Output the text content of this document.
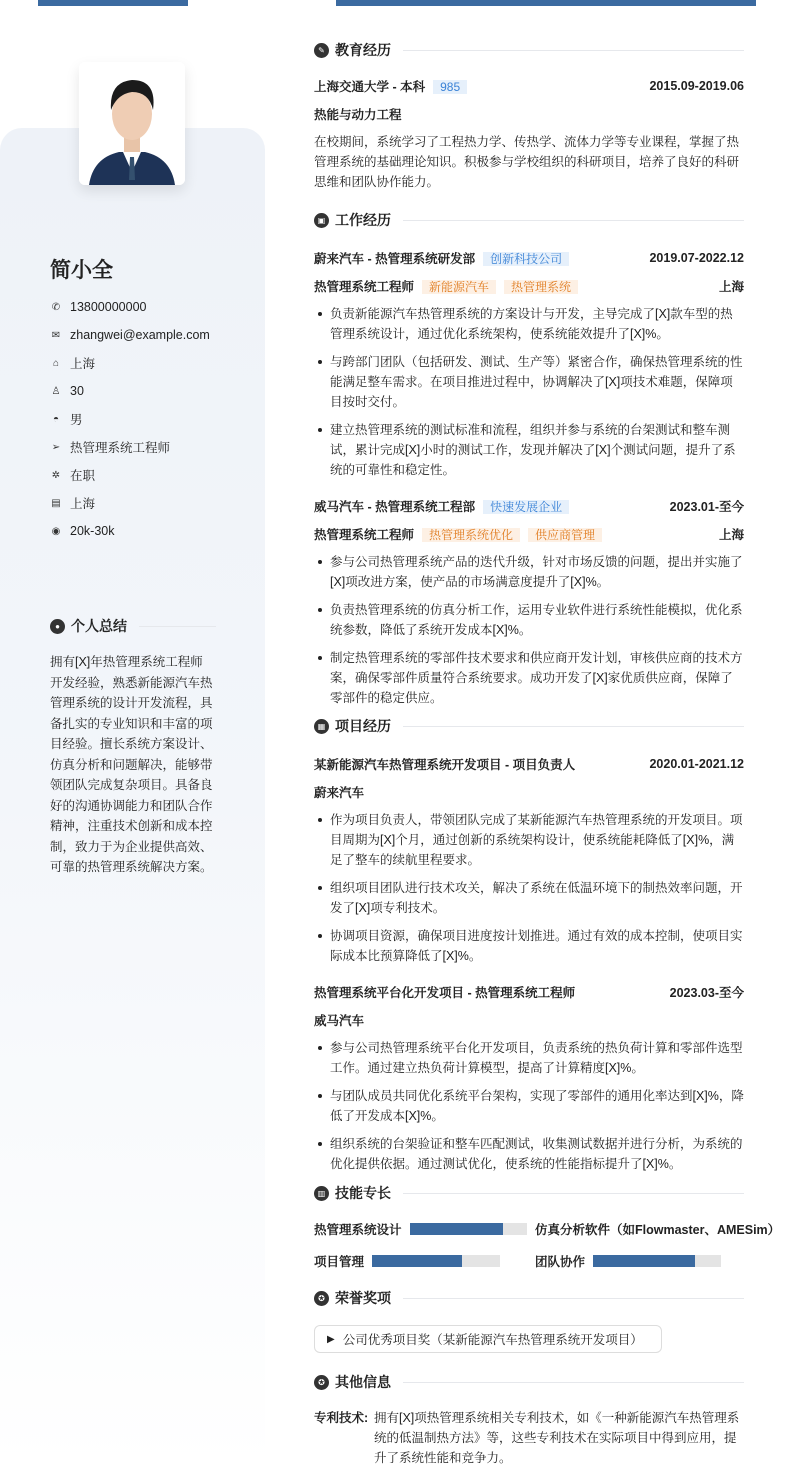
简小全
✆ 13800000000
✉ zhangwei@example.com
⌂ 上海
♙ 30
◓ 男
➢ 热管理系统工程师
✲ 在职
▤ 上海
◉ 20k-30k
● 个人总结
拥有[X]年热管理系统工程师开发经验，熟悉新能源汽车热管理系统的设计开发流程，具备扎实的专业知识和丰富的项目经验。擅长系统方案设计、仿真分析和问题解决，能够带领团队完成复杂项目。具备良好的沟通协调能力和团队合作精神，注重技术创新和成本控制，致力于为企业提供高效、可靠的热管理系统解决方案。
✎ 教育经历
上海交通大学 - 本科 985	2015.09-2019.06
热能与动力工程

在校期间，系统学习了工程热力学、传热学、流体力学等专业课程，掌握了热管理系统的基础理论知识。积极参与学校组织的科研项目，培养了良好的科研思维和团队协作能力。

▣ 工作经历
蔚来汽车 - 热管理系统研发部 创新科技公司	2019.07-2022.12
热管理系统工程师 新能源汽车 热管理系统	上海
负责新能源汽车热管理系统的方案设计与开发，主导完成了[X]款车型的热管理系统设计，通过优化系统架构，使系统能效提升了[X]%。
与跨部门团队（包括研发、测试、生产等）紧密合作，确保热管理系统的性能满足整车需求。在项目推进过程中，协调解决了[X]项技术难题，保障项目按时交付。
建立热管理系统的测试标准和流程，组织并参与系统的台架测试和整车测试，累计完成[X]小时的测试工作，发现并解决了[X]个测试问题，提升了系统的可靠性和稳定性。
威马汽车 - 热管理系统工程部 快速发展企业	2023.01-至今
热管理系统工程师 热管理系统优化 供应商管理	上海
参与公司热管理系统产品的迭代升级，针对市场反馈的问题，提出并实施了[X]项改进方案，使产品的市场满意度提升了[X]%。
负责热管理系统的仿真分析工作，运用专业软件进行系统性能模拟，优化系统参数，降低了系统开发成本[X]%。
制定热管理系统的零部件技术要求和供应商开发计划，审核供应商的技术方案，确保零部件质量符合系统要求。成功开发了[X]家优质供应商，保障了零部件的稳定供应。
▦ 项目经历
某新能源汽车热管理系统开发项目 - 项目负责人	2020.01-2021.12
蔚来汽车
作为项目负责人，带领团队完成了某新能源汽车热管理系统的开发项目。项目周期为[X]个月，通过创新的系统架构设计，使系统能耗降低了[X]%，满足了整车的续航里程要求。
组织项目团队进行技术攻关，解决了系统在低温环境下的制热效率问题，开发了[X]项专利技术。
协调项目资源，确保项目进度按计划推进。通过有效的成本控制，使项目实际成本比预算降低了[X]%。
热管理系统平台化开发项目 - 热管理系统工程师	2023.03-至今
威马汽车
参与公司热管理系统平台化开发项目，负责系统的热负荷计算和零部件选型工作。通过建立热负荷计算模型，提高了计算精度[X]%。
与团队成员共同优化系统平台架构，实现了零部件的通用化率达到[X]%，降低了开发成本[X]%。
组织系统的台架验证和整车匹配测试，收集测试数据并进行分析，为系统的优化提供依据。通过测试优化，使系统的性能指标提升了[X]%。
▥ 技能专长
热管理系统设计	仿真分析软件（如Flowmaster、AMESim）
项目管理	团队协作
✪ 荣誉奖项
▶ 公司优秀项目奖（某新能源汽车热管理系统开发项目）
✪ 其他信息
专利技术: 拥有[X]项热管理系统相关专利技术，如《一种新能源汽车热管理系统的低温制热方法》等，这些专利技术在实际项目中得到应用，提升了系统性能和竞争力。
